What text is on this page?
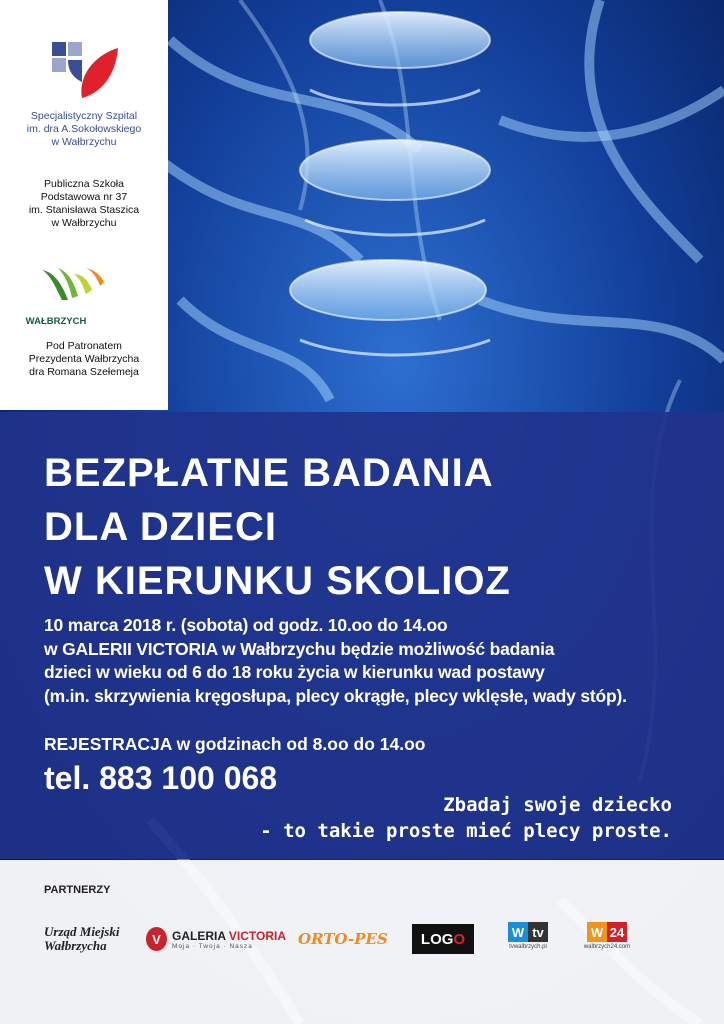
Specjalistyczny Szpital
im. dra A.Sokołowskiego
w Wałbrzychu
Publiczna Szkoła
Podstawowa nr 37
im. Stanisława Staszica
w Wałbrzychu
WAŁBRZYCH
Pod Patronatem
Prezydenta Wałbrzycha
dra Romana Szełemeja
BEZPŁATNE BADANIA
DLA DZIECI
W KIERUNKU SKOLIOZ
10 marca 2018 r. (sobota) od godz. 10.oo do 14.oo
w GALERII VICTORIA w Wałbrzychu będzie możliwość badania
dzieci w wieku od 6 do 18 roku życia w kierunku wad postawy
(m.in. skrzywienia kręgosłupa, plecy okrągłe, plecy wklęsłe, wady stóp).
REJESTRACJA w godzinach od 8.oo do 14.oo
tel. 883 100 068
Zbadaj swoje dziecko
- to takie proste mieć plecy proste.
PARTNERZY
Urząd Miejski
Wałbrzycha	V GALERIA VICTORIA
Moja · Twoja · Nasza	ORTO-PES	LOG O	W tv
tvwalbrzych.pl
W 24
walbrzych24.com
